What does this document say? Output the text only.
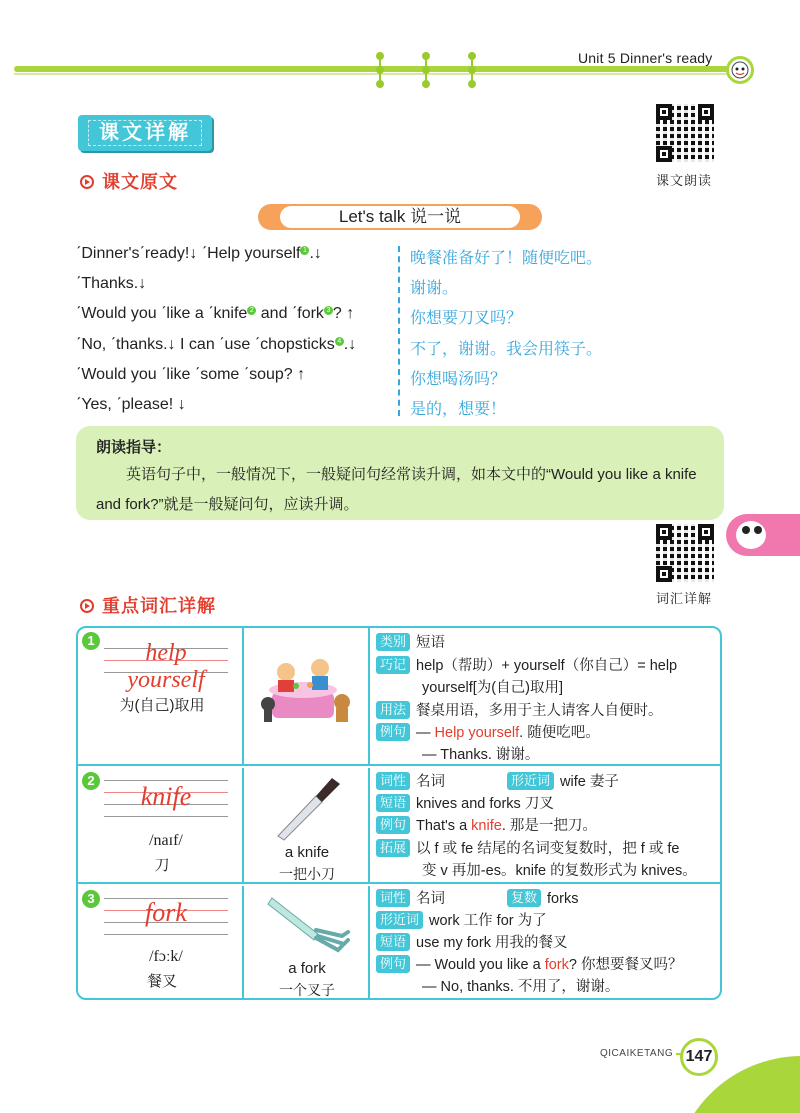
Unit 5 Dinner's ready
课文详解
课文朗读
课文原文
Let's talk 说一说
ˊDinner'sˊready!↓ ˊHelp yourself 1 .↓	晚餐准备好了！随便吃吧。
ˊThanks.↓	谢谢。
ˊWould you ˊlike a ˊknife 2 and ˊfork 3 ? ↑	你想要刀叉吗？
ˊNo, ˊthanks.↓ I can ˊuse ˊchopsticks 4 .↓	不了，谢谢。我会用筷子。
ˊWould you ˊlike ˊsome ˊsoup? ↑	你想喝汤吗？
ˊYes, ˊplease! ↓	是的，想要！
朗读指导：
英语句子中，一般情况下，一般疑问句经常读升调，如本文中的“Would you like a knife and fork?”就是一般疑问句，应读升调。
词汇详解
重点词汇详解
1	help yourself
为(自己)取用
类别 短语
巧记 help（帮助）+ yourself（你自己）= help
yourself[为(自己)取用]
用法 餐桌用语，多用于主人请客人自便时。
例句 — Help yourself. 随便吃吧。
— Thanks. 谢谢。
2
knife
/naɪf/
刀
a knife
一把小刀
词性 名词	形近词 wife 妻子
短语 knives and forks 刀叉
例句 That's a knife. 那是一把刀。
拓展 以 f 或 fe 结尾的名词变复数时，把 f 或 fe
变 v 再加-es。knife 的复数形式为 knives。
3	fork
/fɔːk/
餐叉
a fork
一个叉子
词性 名词	复数 forks
形近词 work 工作 for 为了
短语 use my fork 用我的餐叉
例句 — Would you like a fork? 你想要餐叉吗？
— No, thanks. 不用了，谢谢。
QICAIKETANG 147
